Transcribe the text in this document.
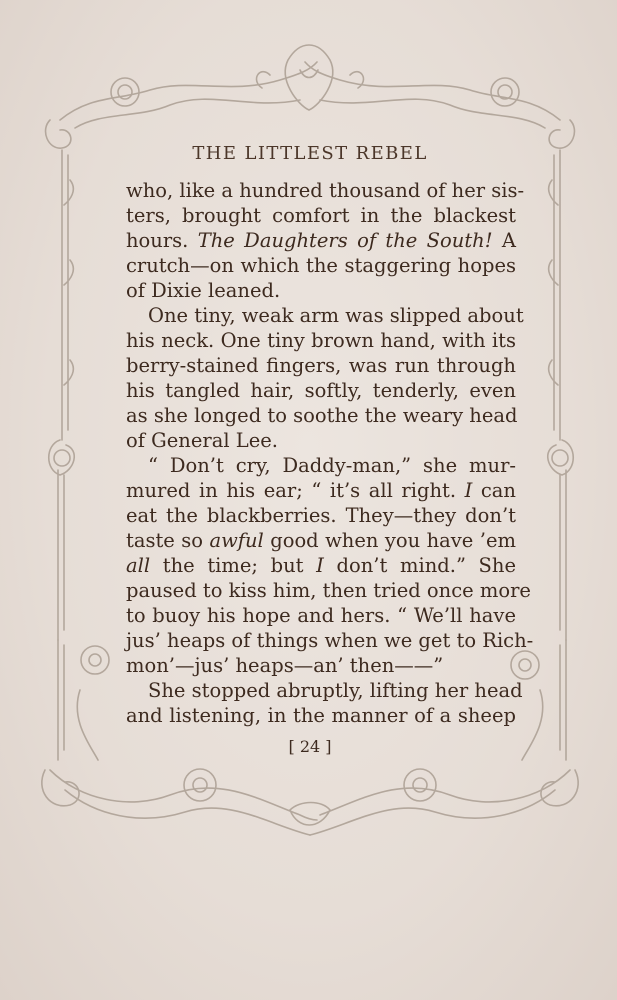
THE LITTLEST REBEL
who, like a hundred thousand of her sis-
ters, brought comfort in the blackest
hours. The Daughters of the South! A
crutch—on which the staggering hopes
of Dixie leaned.
One tiny, weak arm was slipped about
his neck. One tiny brown hand, with its
berry-stained fingers, was run through
his tangled hair, softly, tenderly, even
as she longed to soothe the weary head
of General Lee.
“ Don’t cry, Daddy-man,” she mur-
mured in his ear; “ it’s all right. I can
eat the blackberries. They—they don’t
taste so awful good when you have ’em
all the time; but I don’t mind.” She
paused to kiss him, then tried once more
to buoy his hope and hers. “ We’ll have
jus’ heaps of things when we get to Rich-
mon’—jus’ heaps—an’ then——”
She stopped abruptly, lifting her head
and listening, in the manner of a sheep
[ 24 ]
